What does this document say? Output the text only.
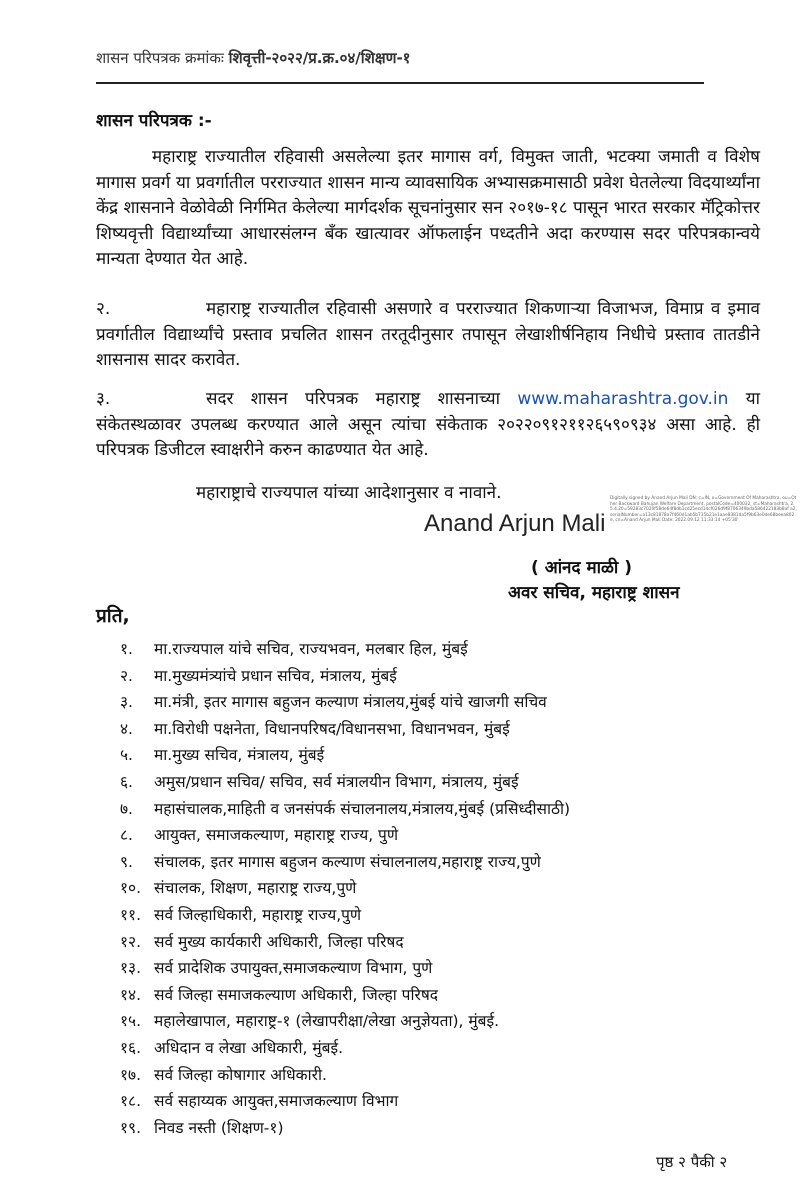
शासन परिपत्रक क्रमांकः शिवृत्ती-२०२२/प्र.क्र.०४/शिक्षण-१
शासन परिपत्रक :-
महाराष्ट्र राज्यातील रहिवासी असलेल्या इतर मागास वर्ग, विमुक्त जाती, भटक्या जमाती व विशेष मागास प्रवर्ग या प्रवर्गातील परराज्यात शासन मान्य व्यावसायिक अभ्यासक्रमासाठी प्रवेश घेतलेल्या विदयार्थ्यांना केंद्र शासनाने वेळोवेळी निर्गमित केलेल्या मार्गदर्शक सूचनांनुसार सन २०१७-१८ पासून भारत सरकार मॅट्रिकोत्तर शिष्यवृत्ती विद्यार्थ्यांच्या आधारसंलग्न बँक खात्यावर ऑफलाईन पध्दतीने अदा करण्यास सदर परिपत्रकान्वये मान्यता देण्यात येत आहे.
२.	महाराष्ट्र राज्यातील रहिवासी असणारे व परराज्यात शिकणाऱ्या विजाभज, विमाप्र व इमाव प्रवर्गातील विद्यार्थ्यांचे प्रस्ताव प्रचलित शासन तरतूदीनुसार तपासून लेखाशीर्षनिहाय निधीचे प्रस्ताव तातडीने शासनास सादर करावेत.
३.	सदर शासन परिपत्रक महाराष्ट्र शासनाच्या www.maharashtra.gov.in या संकेतस्थळावर उपलब्ध करण्यात आले असून त्यांचा संकेताक २०२२०९१२११२६५९०९३४ असा आहे. ही परिपत्रक डिजीटल स्वाक्षरीने करुन काढण्यात येत आहे.
महाराष्ट्राचे राज्यपाल यांच्या आदेशानुसार व नावाने.
Anand Arjun Mali
Digitally signed by Anand Arjun Mali DN: c=IN, o=Government Of Maharashtra, ou=Other Backward Bahujan Welfare Department, postalCode=400032, st=Maharashtra, 2.5.4.20=59283c7020f58de64f8db1cd25ecd14cf026d9f8706349bda586422183b8af a2, serialNumber=a13c81878a7f460d1ab5b735b21e1aae8381da5f9b63e0de68beea802e, cn=Anand Arjun Mali Date: 2022.09.12 11:33:14 +05'30'
( आंनद माळी )
अवर सचिव, महाराष्ट्र शासन
प्रति,
१. मा.राज्यपाल यांचे सचिव, राज्यभवन, मलबार हिल, मुंबई
२. मा.मुख्यमंत्र्यांचे प्रधान सचिव, मंत्रालय, मुंबई
३. मा.मंत्री, इतर मागास बहुजन कल्याण मंत्रालय,मुंबई यांचे खाजगी सचिव
४. मा.विरोधी पक्षनेता, विधानपरिषद/विधानसभा, विधानभवन, मुंबई
५. मा.मुख्य सचिव, मंत्रालय, मुंबई
६. अमुस/प्रधान सचिव/ सचिव, सर्व मंत्रालयीन विभाग, मंत्रालय, मुंबई
७. महासंचालक,माहिती व जनसंपर्क संचालनालय,मंत्रालय,मुंबई (प्रसिध्दीसाठी)
८. आयुक्त, समाजकल्याण, महाराष्ट्र राज्य, पुणे
९. संचालक, इतर मागास बहुजन कल्याण संचालनालय,महाराष्ट्र राज्य,पुणे
१०. संचालक, शिक्षण, महाराष्ट्र राज्य,पुणे
११. सर्व जिल्हाधिकारी, महाराष्ट्र राज्य,पुणे
१२. सर्व मुख्य कार्यकारी अधिकारी, जिल्हा परिषद
१३. सर्व प्रादेशिक उपायुक्त,समाजकल्याण विभाग, पुणे
१४. सर्व जिल्हा समाजकल्याण अधिकारी, जिल्हा परिषद
१५. महालेखापाल, महाराष्ट्र-१ (लेखापरीक्षा/लेखा अनुज्ञेयता), मुंबई.
१६. अधिदान व लेखा अधिकारी, मुंबई.
१७. सर्व जिल्हा कोषागार अधिकारी.
१८. सर्व सहाय्यक आयुक्त,समाजकल्याण विभाग
१९. निवड नस्ती (शिक्षण-१)
पृष्ठ २ पैकी २
